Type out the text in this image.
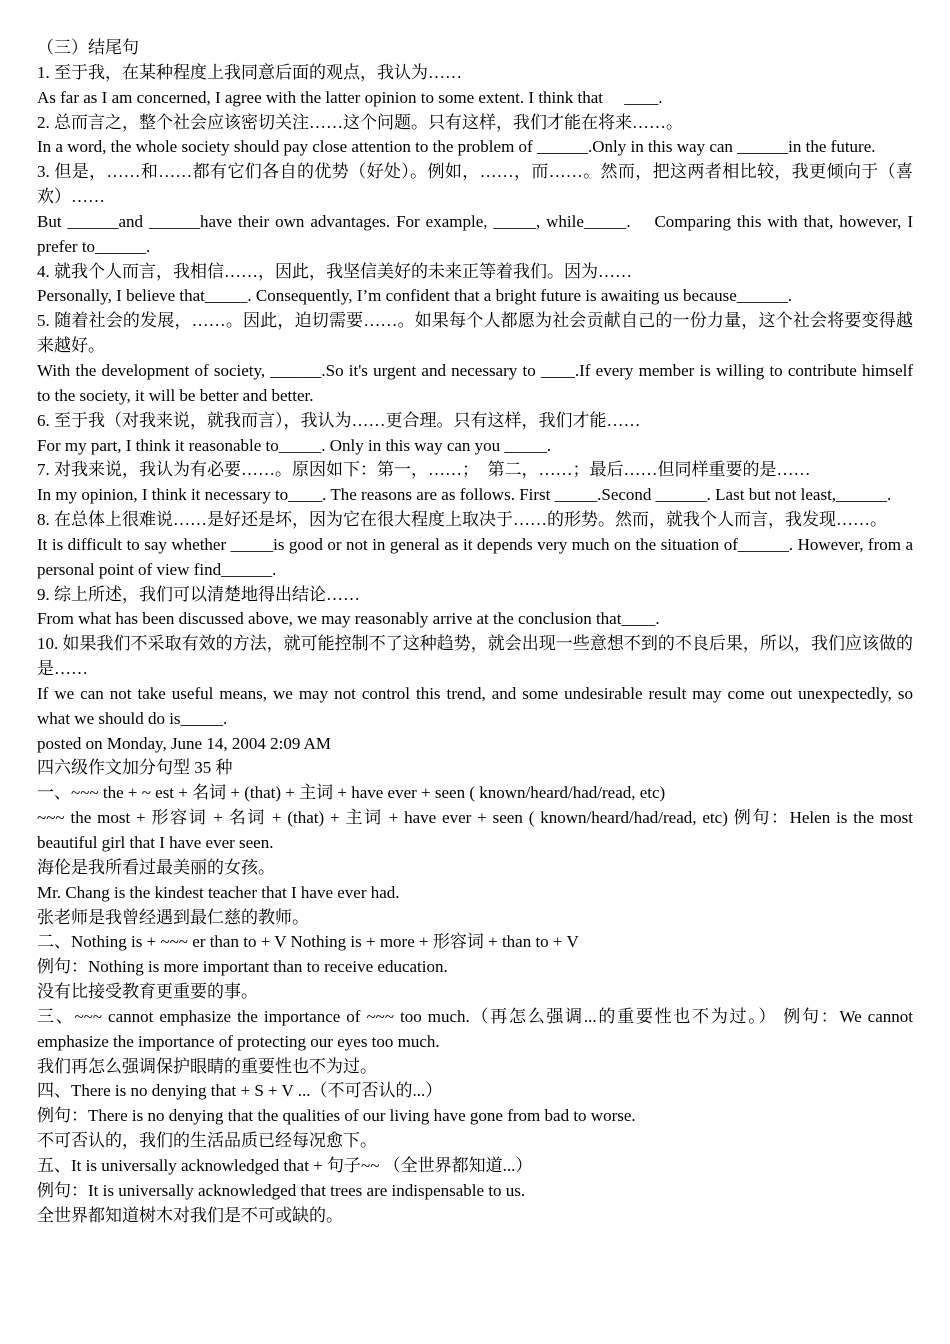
（三）结尾句

1. 至于我，在某种程度上我同意后面的观点，我认为……

As far as I am concerned, I agree with the latter opinion to some extent. I think that     ____.

2. 总而言之，整个社会应该密切关注……这个问题。只有这样，我们才能在将来……。

In a word, the whole society should pay close attention to the problem of ______.Only in this way can ______in the future.

3. 但是，……和……都有它们各自的优势（好处）。例如，……，而……。然而，把这两者相比较，我更倾向于（喜欢）……

But ______and ______have their own advantages. For example, _____, while_____.    Comparing this with that, however, I prefer to______.

4. 就我个人而言，我相信……，因此，我坚信美好的未来正等着我们。因为……

Personally, I believe that_____. Consequently, I’m confident that a bright future is awaiting us because______.

5. 随着社会的发展，……。因此，迫切需要……。如果每个人都愿为社会贡献自己的一份力量，这个社会将要变得越来越好。

With the development of society, ______.So it's urgent and necessary to ____.If every member is willing to contribute himself to the society, it will be better and better.

6. 至于我（对我来说，就我而言），我认为……更合理。只有这样，我们才能……

For my part, I think it reasonable to_____. Only in this way can you _____.

7. 对我来说，我认为有必要……。原因如下：第一，……；  第二，……；最后……但同样重要的是……

In my opinion, I think it necessary to____. The reasons are as follows. First _____.Second ______. Last but not least,______.

8. 在总体上很难说……是好还是坏，因为它在很大程度上取决于……的形势。然而，就我个人而言，我发现……。

It is difficult to say whether _____is good or not in general as it depends very much on the situation of______. However, from a personal point of view find______.

9. 综上所述，我们可以清楚地得出结论……

From what has been discussed above, we may reasonably arrive at the conclusion that____.

10. 如果我们不采取有效的方法，就可能控制不了这种趋势，就会出现一些意想不到的不良后果，所以，我们应该做的是……

If we can not take useful means, we may not control this trend, and some undesirable result may come out unexpectedly, so what we should do is_____.

posted on Monday, June 14, 2004 2:09 AM

四六级作文加分句型 35 种

一、~~~ the + ~ est + 名词 + (that) + 主词 + have ever + seen ( known/heard/had/read, etc)

~~~ the most + 形容词 + 名词 + (that) + 主词 + have ever + seen ( known/heard/had/read, etc) 例句：Helen is the most beautiful girl that I have ever seen.

海伦是我所看过最美丽的女孩。

Mr. Chang is the kindest teacher that I have ever had.

张老师是我曾经遇到最仁慈的教师。

二、Nothing is + ~~~ er than to + V Nothing is + more + 形容词 + than to + V

例句：Nothing is more important than to receive education.

没有比接受教育更重要的事。

三、~~~ cannot emphasize the importance of ~~~ too much.（再怎么强调...的重要性也不为过。） 例句：We cannot emphasize the importance of protecting our eyes too much.

我们再怎么强调保护眼睛的重要性也不为过。

四、There is no denying that + S + V ...（不可否认的...）

例句：There is no denying that the qualities of our living have gone from bad to worse.

不可否认的，我们的生活品质已经每况愈下。

五、It is universally acknowledged that + 句子~~ （全世界都知道...）

例句：It is universally acknowledged that trees are indispensable to us.

全世界都知道树木对我们是不可或缺的。
